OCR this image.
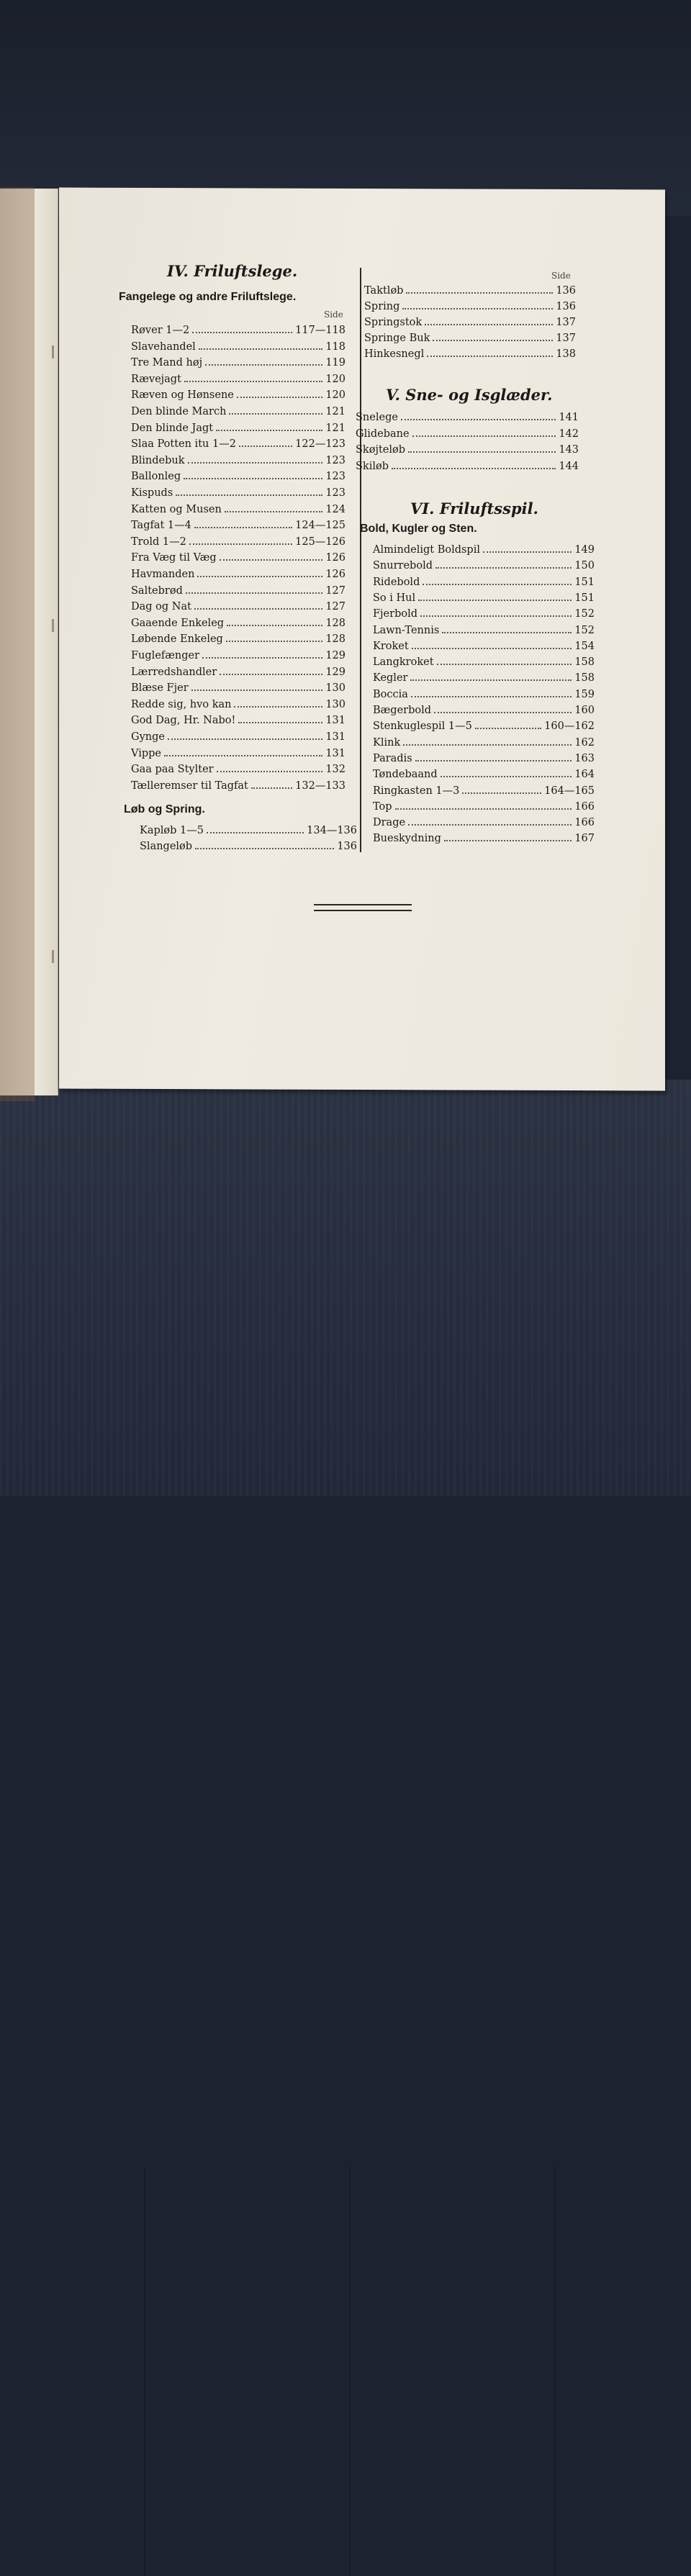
IV. Friluftslege.
Fangelege og andre Friluftslege.
Side
Røver 1—2	117—118
Slavehandel	118
Tre Mand høj	119
Rævejagt	120
Ræven og Hønsene	120
Den blinde March	121
Den blinde Jagt	121
Slaa Potten itu 1—2	122—123
Blindebuk	123
Ballonleg	123
Kispuds	123
Katten og Musen	124
Tagfat 1—4	124—125
Trold 1—2	125—126
Fra Væg til Væg	126
Havmanden	126
Saltebrød	127
Dag og Nat	127
Gaaende Enkeleg	128
Løbende Enkeleg	128
Fuglefænger	129
Lærredshandler	129
Blæse Fjer	130
Redde sig, hvo kan	130
God Dag, Hr. Nabo!	131
Gynge	131
Vippe	131
Gaa paa Stylter	132
Tælleremser til Tagfat	132—133
Løb og Spring.
Kapløb 1—5	134—136
Slangeløb	136
Side
Taktløb	136
Spring	136
Springstok	137
Springe Buk	137
Hinkesnegl	138
V. Sne- og Isglæder.
Snelege	141
Glidebane	142
Skøjteløb	143
Skiløb	144
VI. Friluftsspil.
Bold, Kugler og Sten.
Almindeligt Boldspil	149
Snurrebold	150
Ridebold	151
So i Hul	151
Fjerbold	152
Lawn-Tennis	152
Kroket	154
Langkroket	158
Kegler	158
Boccia	159
Bægerbold	160
Stenkuglespil 1—5	160—162
Klink	162
Paradis	163
Tøndebaand	164
Ringkasten 1—3	164—165
Top	166
Drage	166
Bueskydning	167
